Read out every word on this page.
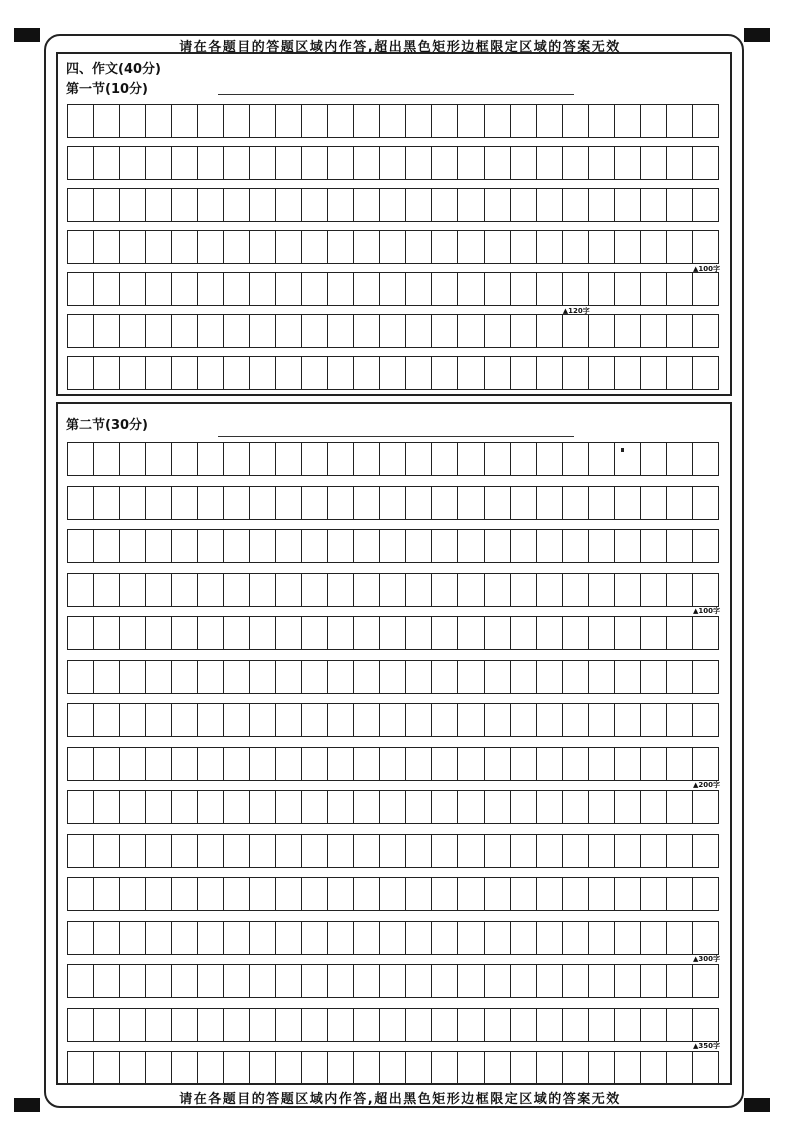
请在各题目的答题区域内作答,超出黑色矩形边框限定区域的答案无效
请在各题目的答题区域内作答,超出黑色矩形边框限定区域的答案无效
四、作文(40分)
第一节(10分)
▲100字
▲120字
第二节(30分)
▲100字
▲200字
▲300字
▲350字
